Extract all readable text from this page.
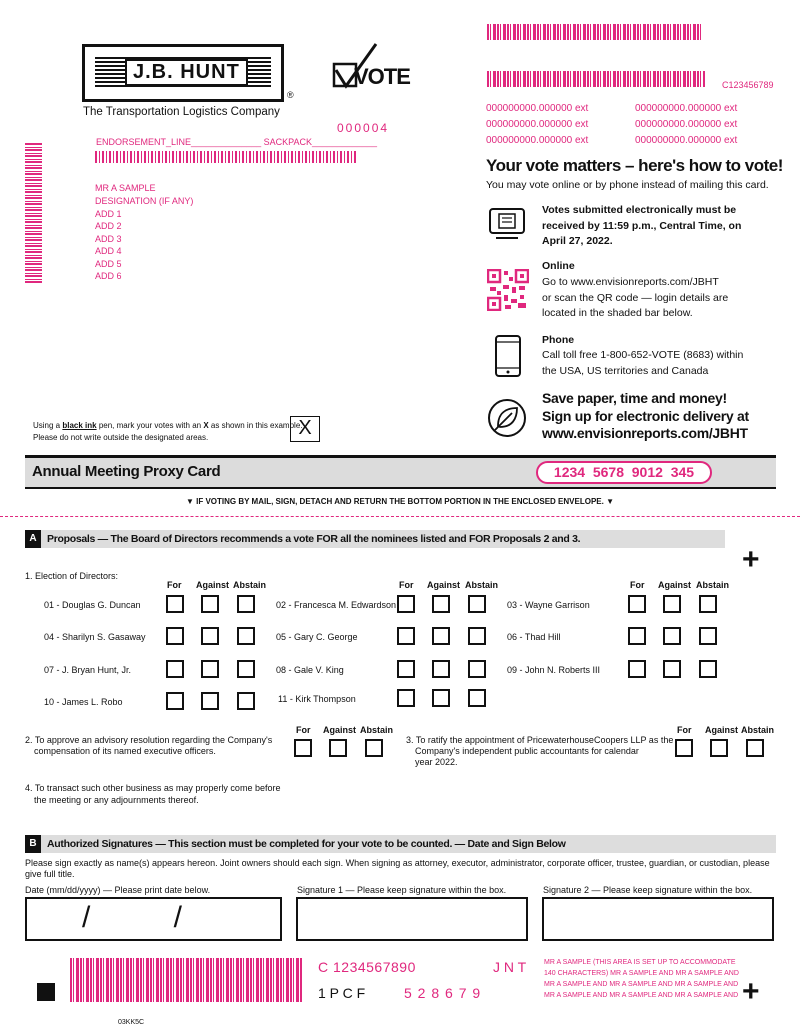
J.B. HUNT
®
The Transportation Logistics Company
VOTE	C123456789
000000000.000000 ext
000000000.000000 ext
000000000.000000 ext
000000000.000000 ext
000000000.000000 ext
000000000.000000 ext
000004
ENDORSEMENT_LINE______________ SACKPACK_____________
MR A SAMPLE
DESIGNATION (IF ANY)
ADD 1
ADD 2
ADD 3
ADD 4
ADD 5
ADD 6
Your vote matters – here's how to vote!
You may vote online or by phone instead of mailing this card.
Votes submitted electronically must be
received by 11:59 p.m., Central Time, on
April 27, 2022.
Online
Go to www.envisionreports.com/JBHT
or scan the QR code — login details are
located in the shaded bar below.
Phone
Call toll free 1-800-652-VOTE (8683) within
the USA, US territories and Canada
Save paper, time and money!
Sign up for electronic delivery at
www.envisionreports.com/JBHT
Using a black ink pen, mark your votes with an X as shown in this example.
Please do not write outside the designated areas.	X
Annual Meeting Proxy Card	1234  5678  9012  345
▼ IF VOTING BY MAIL, SIGN, DETACH AND RETURN THE BOTTOM PORTION IN THE ENCLOSED ENVELOPE. ▼
A Proposals — The Board of Directors recommends a vote FOR all the nominees listed and FOR Proposals 2 and 3.
+
1. Election of Directors:
For Against Abstain	For Against Abstain	For Against Abstain
01 - Douglas G. Duncan	02 - Francesca M. Edwardson	03 - Wayne Garrison
04 - Sharilyn S. Gasaway	05 - Gary C. George	06 - Thad Hill
07 - J. Bryan Hunt, Jr.	08 - Gale V. King	09 - John N. Roberts III
10 - James L. Robo	11 - Kirk Thompson
2. To approve an advisory resolution regarding the Company's
compensation of its named executive officers.
For Against Abstain
3. To ratify the appointment of PricewaterhouseCoopers LLP as the
Company's independent public accountants for calendar
year 2022.
For Against Abstain
4. To transact such other business as may properly come before
the meeting or any adjournments thereof.
B Authorized Signatures — This section must be completed for your vote to be counted. — Date and Sign Below
Please sign exactly as name(s) appears hereon. Joint owners should each sign. When signing as attorney, executor, administrator, corporate officer, trustee, guardian, or custodian, please give full title.
Date (mm/dd/yyyy) — Please print date below.	Signature 1 — Please keep signature within the box.	Signature 2 — Please keep signature within the box.
/          /
C 1234567890	J N T
1 P C F	5 2 8 6 7 9
MR A SAMPLE (THIS AREA IS SET UP TO ACCOMMODATE
140 CHARACTERS) MR A SAMPLE AND MR A SAMPLE AND
MR A SAMPLE AND MR A SAMPLE AND MR A SAMPLE AND
MR A SAMPLE AND MR A SAMPLE AND MR A SAMPLE AND +
03KK5C
